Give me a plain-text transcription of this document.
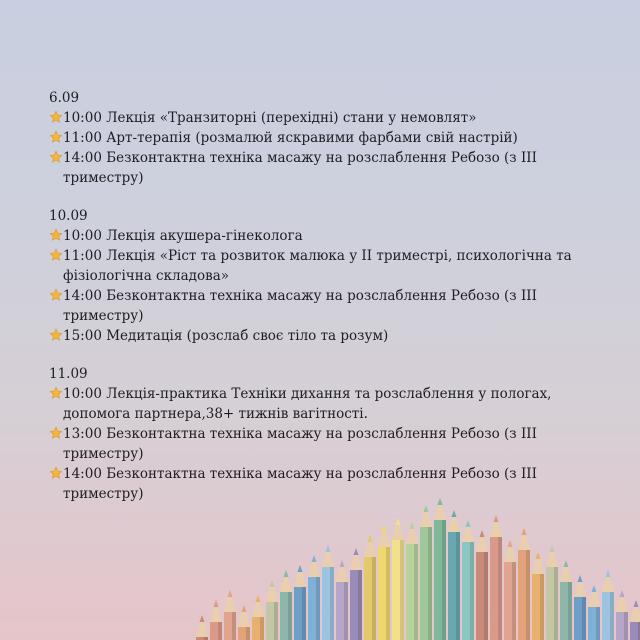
6.09
10:00 Лекція «Транзиторні (перехідні) стани у немовлят»
11:00 Арт-терапія (розмалюй яскравими фарбами свій настрій)
14:00 Безконтактна техніка масажу на розслаблення Ребозо (з ІІІ триместру)
10.09
10:00 Лекція акушера-гінеколога
11:00 Лекція «Ріст та розвиток малюка у ІІ триместрі, психологічна та фізіологічна складова»
14:00 Безконтактна техніка масажу на розслаблення Ребозо (з ІІІ триместру)
15:00 Медитація (розслаб своє тіло та розум)
11.09
10:00 Лекція-практика Техніки дихання та розслаблення у пологах, допомога партнера,38+ тижнів вагітності.
13:00 Безконтактна техніка масажу на розслаблення Ребозо (з ІІІ триместру)
14:00 Безконтактна техніка масажу на розслаблення Ребозо (з ІІІ триместру)
